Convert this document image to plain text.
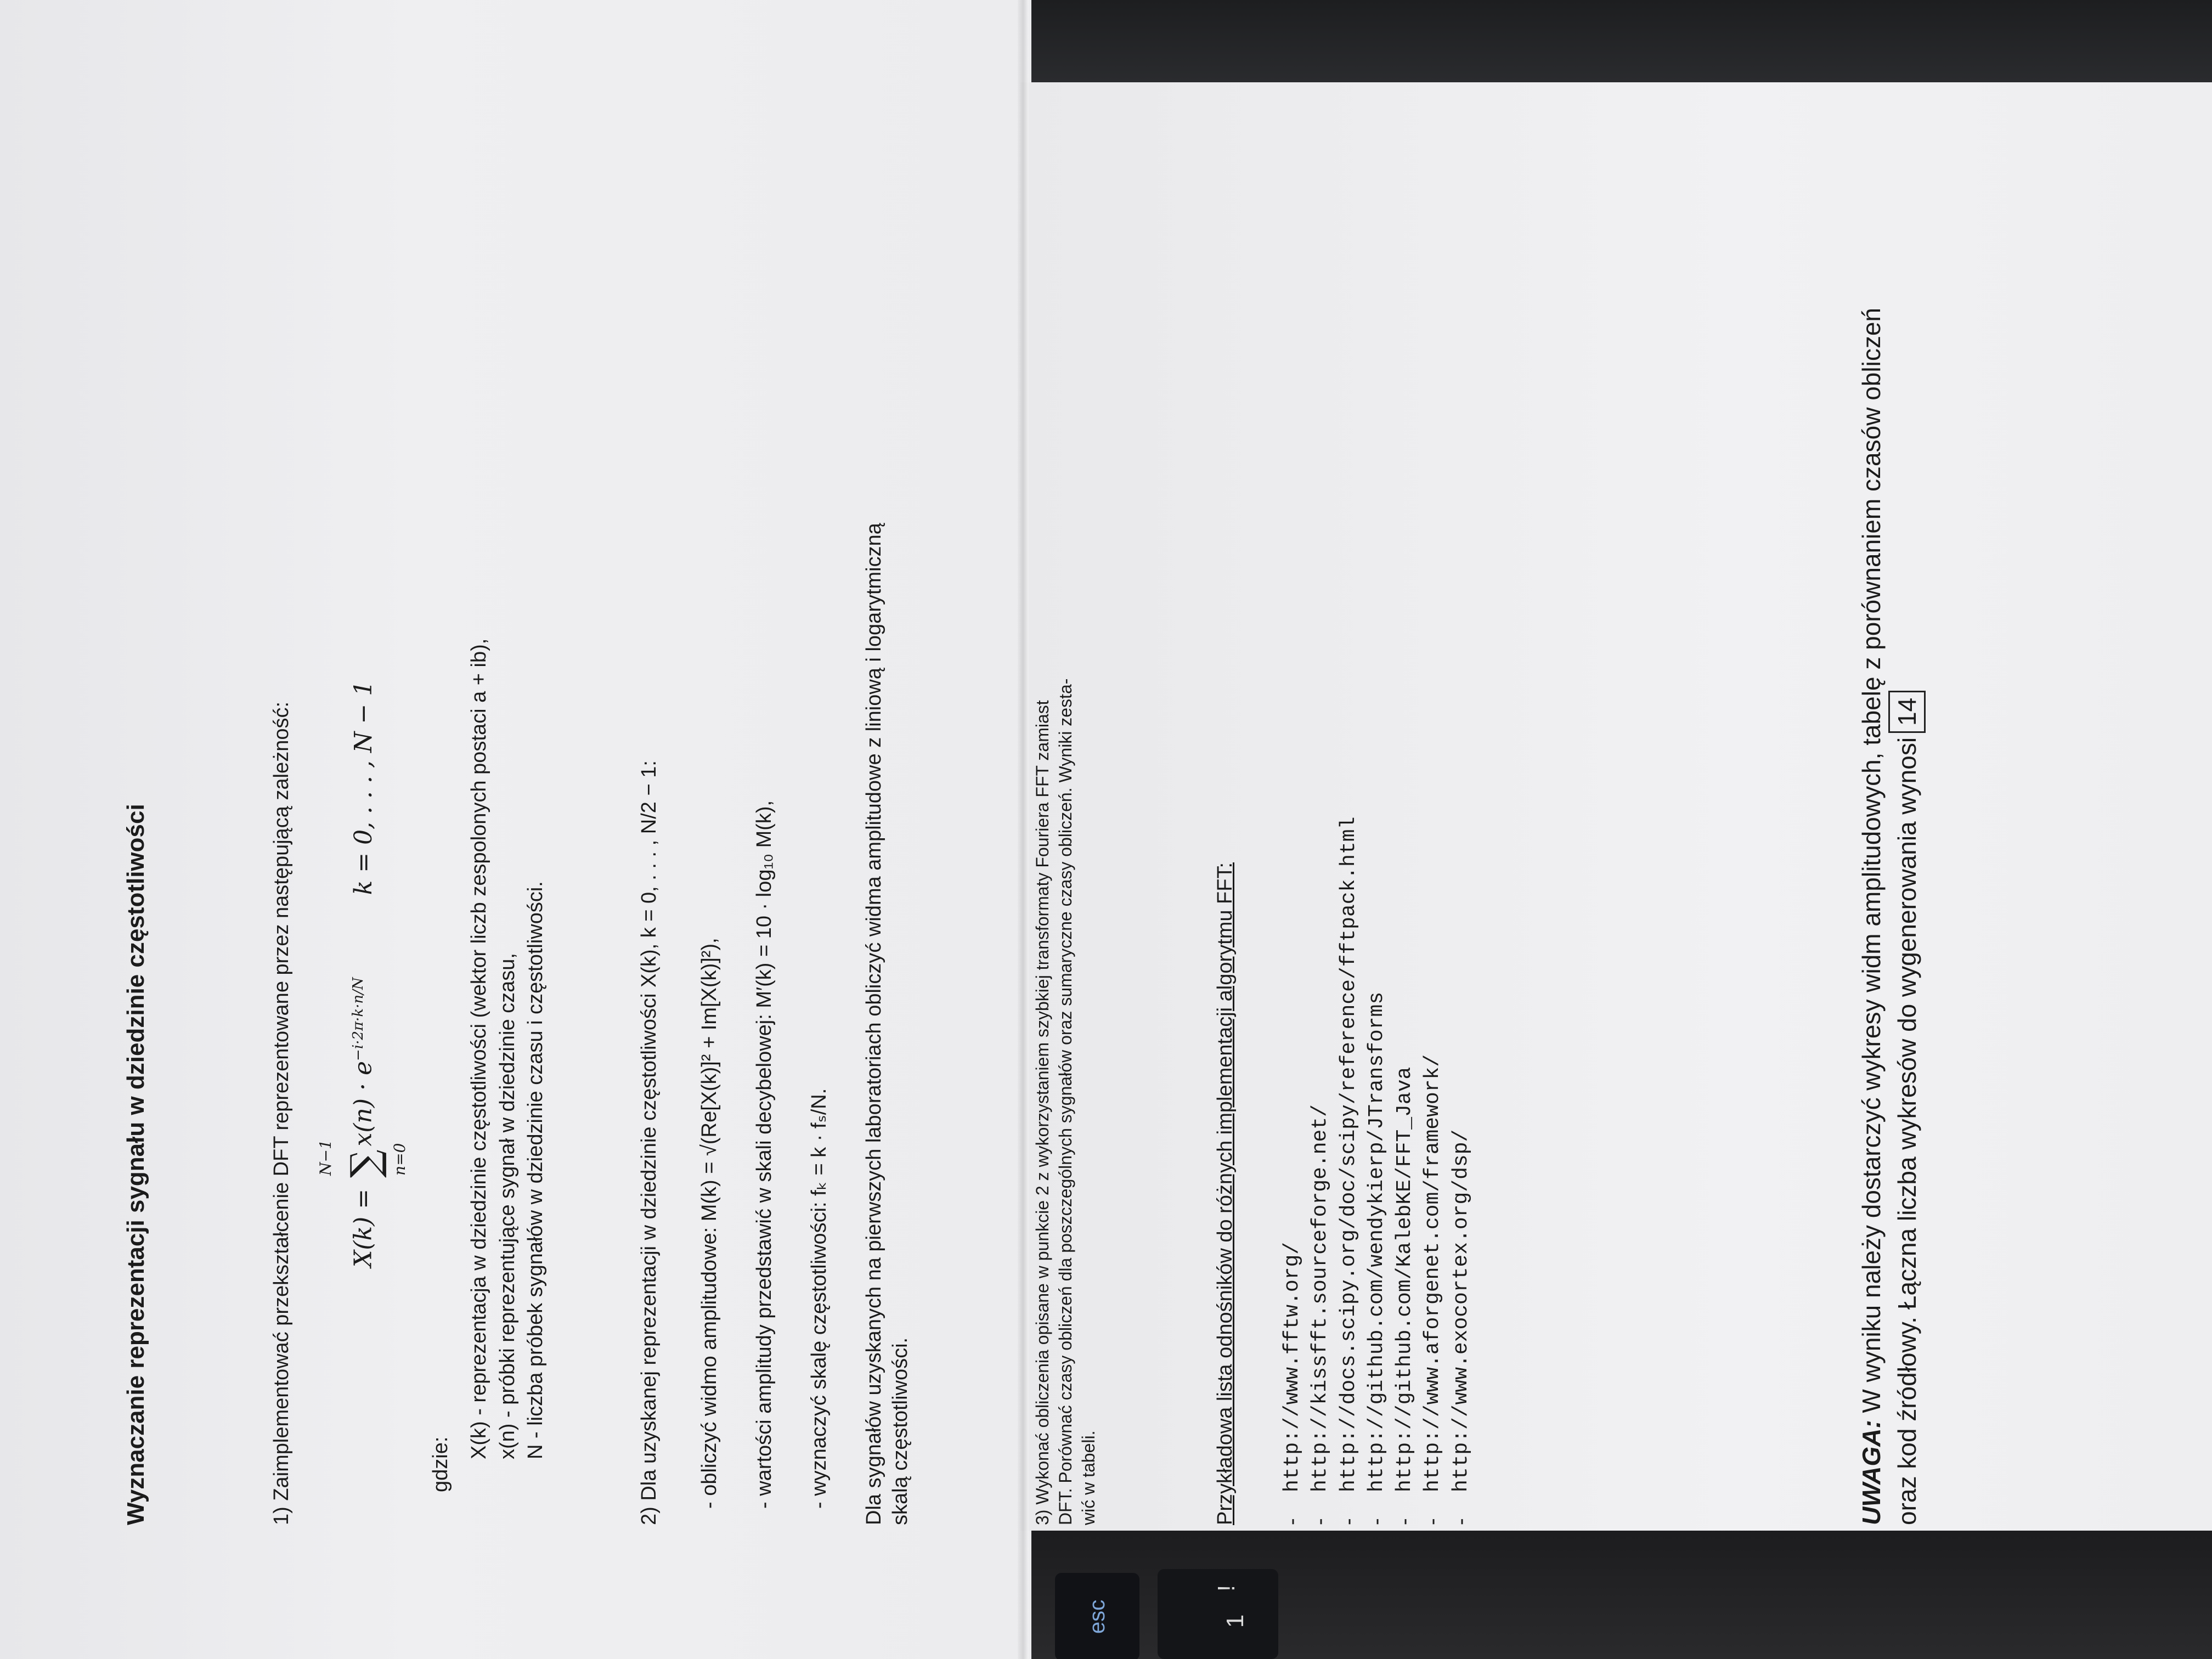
esc
!
1
Wyznaczanie reprezentacji sygnału w dziedzinie częstotliwości	1) Zaimplementować przekształcenie DFT reprezentowane przez następującą zależność:	X(k) = ∑
N−1	n=0
$x(n) \cdot e^{-i\cdot 2\pi\cdot k\cdot n/N}k = 0$, . . . , N − 1
gdzie:
X(k) - reprezentacja w dziedzinie częstotliwości (wektor liczb zespolonych postaci a + ib), x(n) - próbki reprezentujące sygnał w dziedzinie czasu, N - liczba próbek sygnałów w dziedzinie czasu i częstotliwości.	2) Dla uzyskanej reprezentacji w dziedzinie częstotliwości X(k), k = 0, . . . , N/2 − 1: - obliczyć widmo amplitudowe: M(k) = √(Re[X(k)]² + Im[X(k)]²), - wartości amplitudy przedstawić w skali decybelowej: M′(k) = 10 · log₁₀ M(k), - wyznaczyć skalę częstotliwości: fₖ = k · fₛ/N. Dla sygnałów uzyskanych na pierwszych laboratoriach obliczyć widma amplitudowe z liniową i logarytmiczną skalą częstotliwości.	3) Wykonać obliczenia opisane w punkcie 2 z wykorzystaniem szybkiej transformaty Fouriera FFT zamiast DFT. Porównać czasy obliczeń dla poszczególnych sygnałów oraz sumaryczne czasy obliczeń. Wyniki zesta- wić w tabeli.	Przykładowa lista odnośników do różnych implementacji algorytmu FFT: - http://www.fftw.org/ - http://kissfft.sourceforge.net/ - http://docs.scipy.org/doc/scipy/reference/fftpack.html - http://github.com/wendykierp/JTransforms - http://github.com/KalebKE/FFT_Java - http://www.aforgenet.com/framework/ - http://www.exocortex.org/dsp/	UWAGA: W wyniku należy dostarczyć wykresy widm amplitudowych, tabelę z porównaniem czasów obliczeń oraz kod źródłowy. Łączna liczba wykresów do wygenerowania wynosi14
